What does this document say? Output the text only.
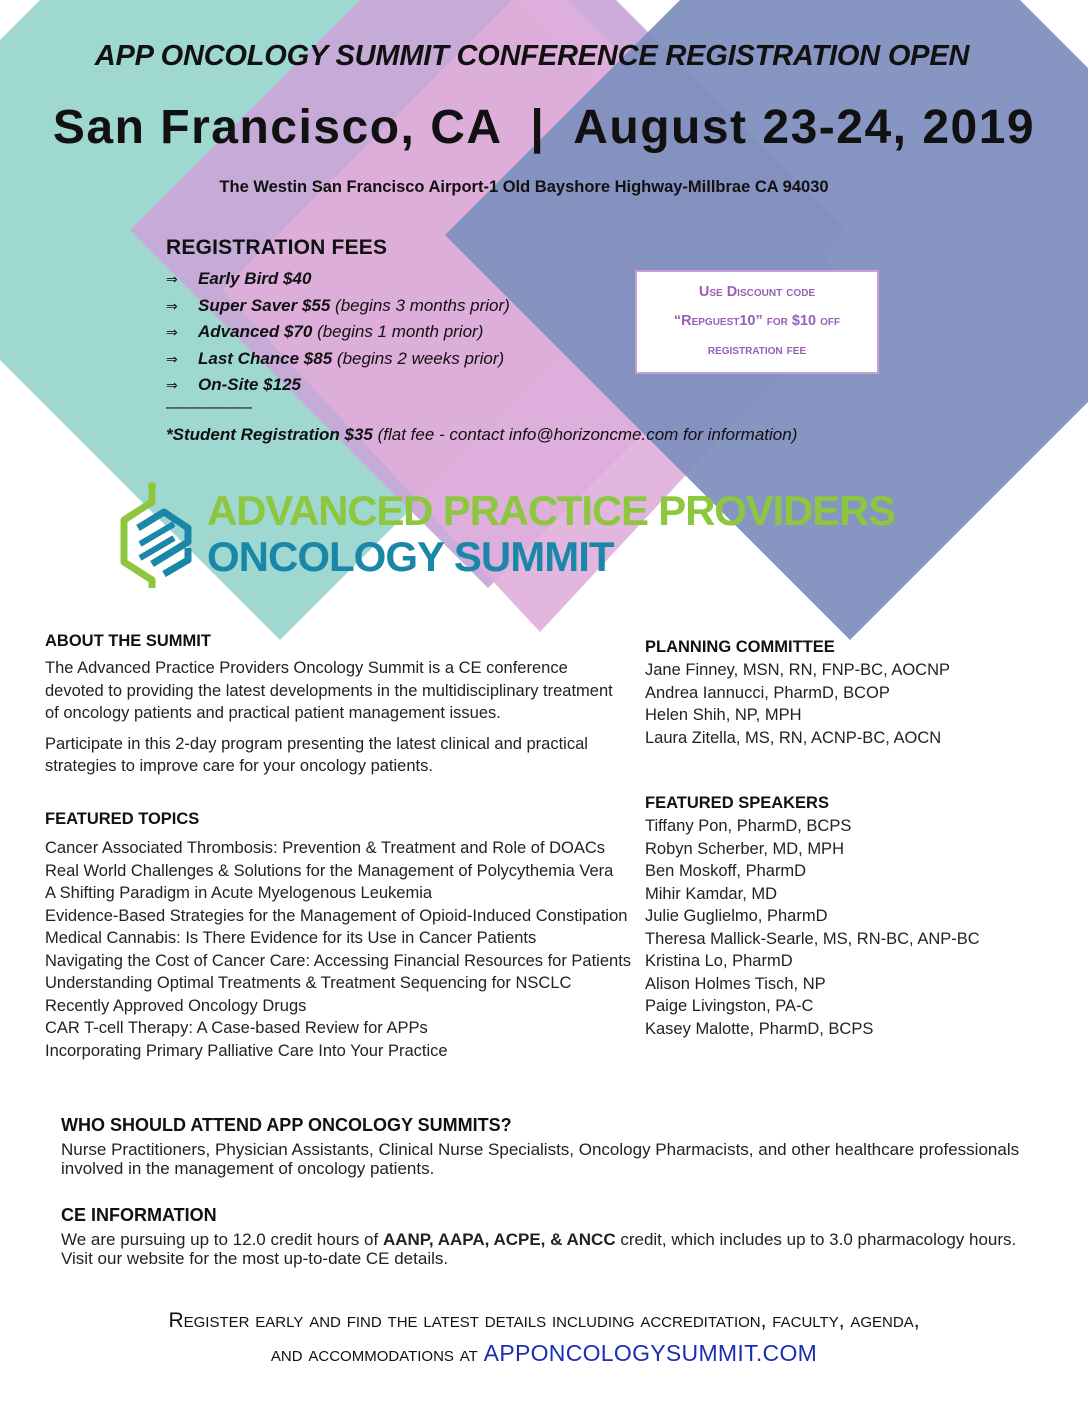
APP ONCOLOGY SUMMIT CONFERENCE REGISTRATION OPEN
San Francisco, CA | August 23-24, 2019
The Westin San Francisco Airport-1 Old Bayshore Highway-Millbrae CA 94030
REGISTRATION FEES
⇒ Early Bird $40
⇒ Super Saver $55 (begins 3 months prior)
⇒ Advanced $70 (begins 1 month prior)
⇒ Last Chance $85 (begins 2 weeks prior)
⇒ On-Site $125
——————
*Student Registration $35 (flat fee - contact info@horizoncme.com for information)
Use Discount code
“Repguest10” for $10 off
registration fee
ADVANCED PRACTICE PROVIDERS
ONCOLOGY SUMMIT
ABOUT THE SUMMIT

The Advanced Practice Providers Oncology Summit is a CE conference devoted to providing the latest developments in the multidisciplinary treatment of oncology patients and practical patient management issues.

Participate in this 2-day program presenting the latest clinical and practical strategies to improve care for your oncology patients.

FEATURED TOPICS
Cancer Associated Thrombosis: Prevention & Treatment and Role of DOACs
Real World Challenges & Solutions for the Management of Polycythemia Vera
A Shifting Paradigm in Acute Myelogenous Leukemia
Evidence-Based Strategies for the Management of Opioid-Induced Constipation
Medical Cannabis: Is There Evidence for its Use in Cancer Patients
Navigating the Cost of Cancer Care: Accessing Financial Resources for Patients
Understanding Optimal Treatments & Treatment Sequencing for NSCLC
Recently Approved Oncology Drugs
CAR T-cell Therapy: A Case-based Review for APPs
Incorporating Primary Palliative Care Into Your Practice
PLANNING COMMITTEE
Jane Finney, MSN, RN, FNP-BC, AOCNP
Andrea Iannucci, PharmD, BCOP
Helen Shih, NP, MPH
Laura Zitella, MS, RN, ACNP-BC, AOCN
FEATURED SPEAKERS
Tiffany Pon, PharmD, BCPS
Robyn Scherber, MD, MPH
Ben Moskoff, PharmD
Mihir Kamdar, MD
Julie Guglielmo, PharmD
Theresa Mallick-Searle, MS, RN-BC, ANP-BC
Kristina Lo, PharmD
Alison Holmes Tisch, NP
Paige Livingston, PA-C
Kasey Malotte, PharmD, BCPS
WHO SHOULD ATTEND APP ONCOLOGY SUMMITS?
Nurse Practitioners, Physician Assistants, Clinical Nurse Specialists, Oncology Pharmacists, and other healthcare professionals involved in the management of oncology patients.
CE INFORMATION
We are pursuing up to 12.0 credit hours of AANP, AAPA, ACPE, & ANCC credit, which includes up to 3.0 pharmacology hours. Visit our website for the most up-to-date CE details.
Register early and find the latest details including accreditation, faculty, agenda,
and accommodations at APPONCOLOGYSUMMIT.COM
